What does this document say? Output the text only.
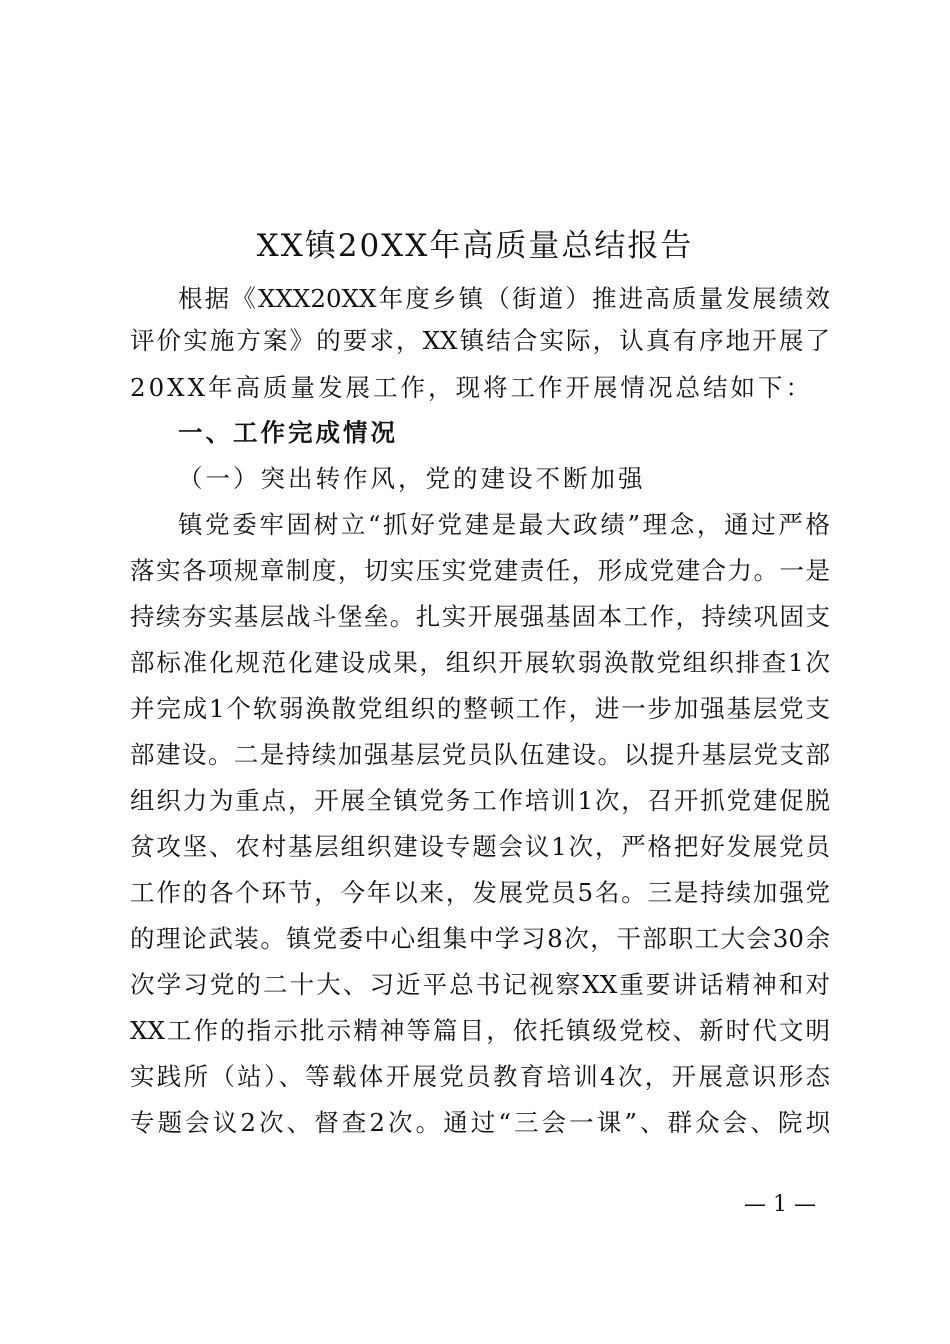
XX镇20XX年高质量总结报告
根据《XXX20XX年度乡镇（街道）推进高质量发展绩效
评价实施方案》的要求，XX镇结合实际，认真有序地开展了
20XX年高质量发展工作，现将工作开展情况总结如下：
一、工作完成情况
（一）突出转作风，党的建设不断加强
镇党委牢固树立“抓好党建是最大政绩”理念，通过严格
落实各项规章制度，切实压实党建责任，形成党建合力。一是
持续夯实基层战斗堡垒。扎实开展强基固本工作，持续巩固支
部标准化规范化建设成果，组织开展软弱涣散党组织排查1次
并完成1个软弱涣散党组织的整顿工作，进一步加强基层党支
部建设。二是持续加强基层党员队伍建设。以提升基层党支部
组织力为重点，开展全镇党务工作培训1次，召开抓党建促脱
贫攻坚、农村基层组织建设专题会议1次，严格把好发展党员
工作的各个环节，今年以来，发展党员5名。三是持续加强党
的理论武装。镇党委中心组集中学习8次，干部职工大会30余
次学习党的二十大、习近平总书记视察XX重要讲话精神和对
XX工作的指示批示精神等篇目，依托镇级党校、新时代文明
实践所（站）、等载体开展党员教育培训4次，开展意识形态
专题会议2次、督查2次。通过“三会一课”、群众会、院坝
— 1 —
